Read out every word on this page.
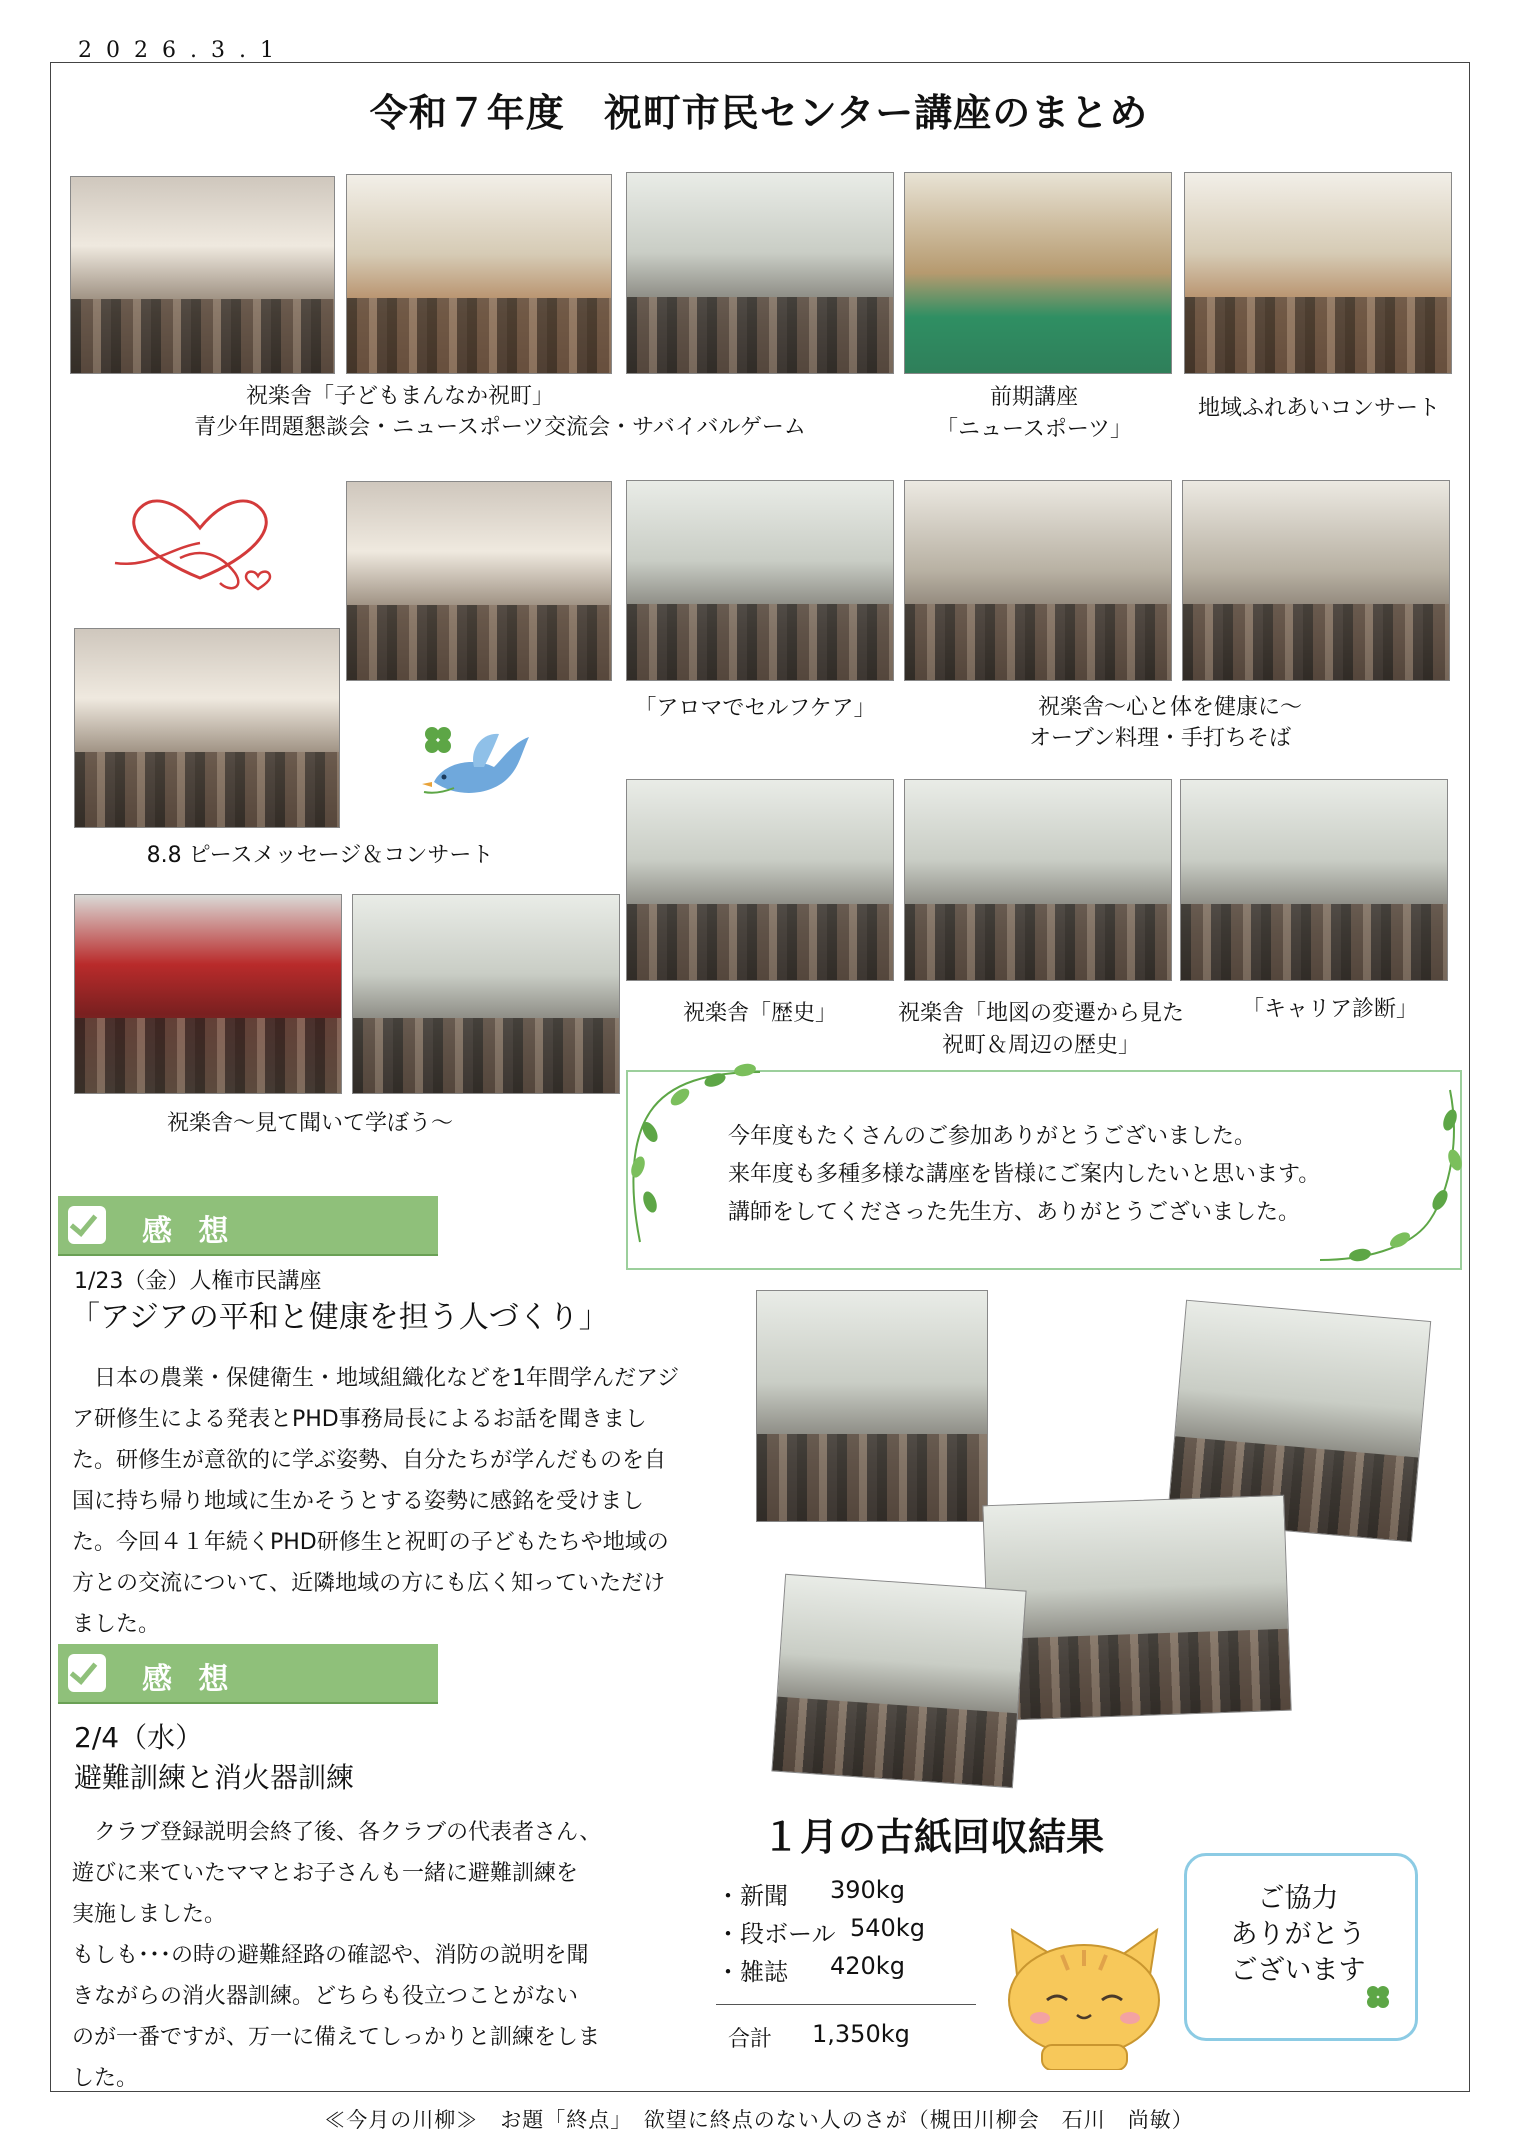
2026.3.1
令和７年度　祝町市民センター講座のまとめ
祝楽舎「子どもまんなか祝町」
青少年問題懇談会・ニュースポーツ交流会・サバイバルゲーム
前期講座
「ニュースポーツ」
地域ふれあいコンサート
「アロマでセルフケア」	祝楽舎～心と体を健康に～
オーブン料理・手打ちそば
8.8 ピースメッセージ＆コンサート
祝楽舎「歴史」	祝楽舎「地図の変遷から見た
祝町＆周辺の歴史」
「キャリア診断」
祝楽舎～見て聞いて学ぼう～
今年度もたくさんのご参加ありがとうございました。
来年度も多種多様な講座を皆様にご案内したいと思います。
講師をしてくださった先生方、ありがとうございました。
感 想
1/23（金）人権市民講座
「アジアの平和と健康を担う人づくり」
　日本の農業・保健衛生・地域組織化などを1年間学んだアジ
ア研修生による発表とPHD事務局長によるお話を聞きまし
た。研修生が意欲的に学ぶ姿勢、自分たちが学んだものを自
国に持ち帰り地域に生かそうとする姿勢に感銘を受けまし
た。今回４１年続くPHD研修生と祝町の子どもたちや地域の
方との交流について、近隣地域の方にも広く知っていただけ
ました。
感 想
2/4（水）
避難訓練と消火器訓練
　クラブ登録説明会終了後、各クラブの代表者さん、
遊びに来ていたママとお子さんも一緒に避難訓練を
実施しました。
もしも･･･の時の避難経路の確認や、消防の説明を聞
きながらの消火器訓練。どちらも役立つことがない
のが一番ですが、万一に備えてしっかりと訓練をしま
した。
１月の古紙回収結果
・新聞 390kg
・段ボール 540kg
・雑誌 420kg
合計 1,350kg
ご協力
ありがとう
ございます
≪今月の川柳≫　お題「終点」　欲望に終点のない人のさが（槻田川柳会　石川　尚敏）
